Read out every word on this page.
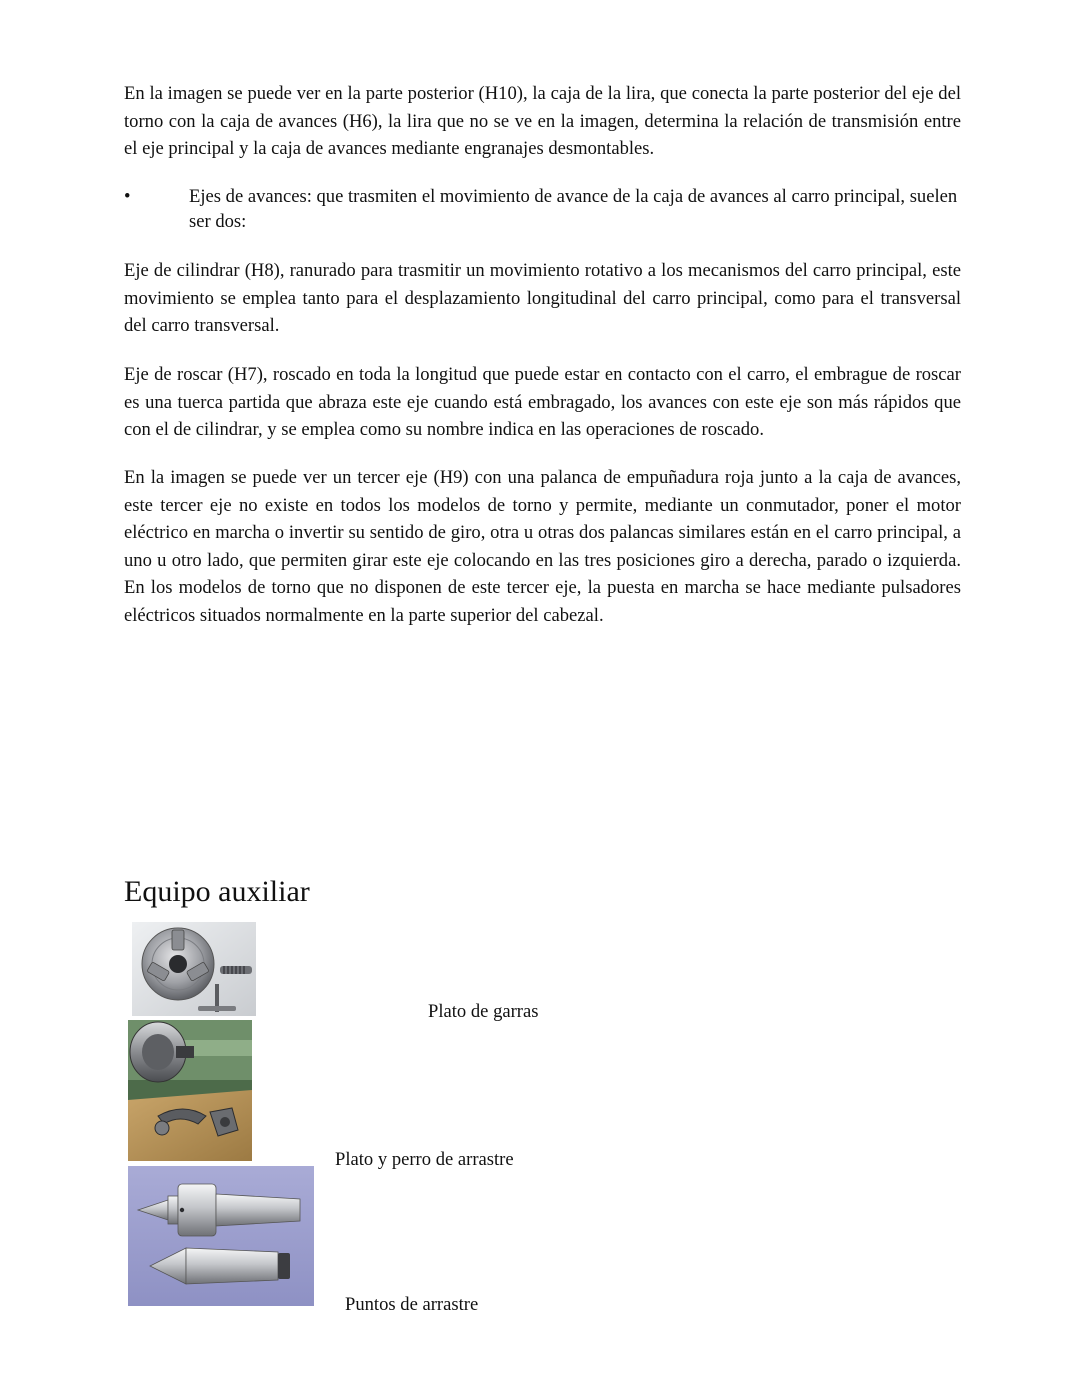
En la imagen se puede ver en la parte posterior (H10), la caja de la lira, que conecta la parte posterior del eje del torno con la caja de avances (H6), la lira que no se ve en la imagen, determina la relación de transmisión entre el eje principal y la caja de avances mediante engranajes desmontables.

•	Ejes de avances: que trasmiten el movimiento de avance de la caja de avances al carro principal, suelen ser dos:

Eje de cilindrar (H8), ranurado para trasmitir un movimiento rotativo a los mecanismos del carro principal, este movimiento se emplea tanto para el desplazamiento longitudinal del carro principal, como para el transversal del carro transversal.

Eje de roscar (H7), roscado en toda la longitud que puede estar en contacto con el carro, el embrague de roscar es una tuerca partida que abraza este eje cuando está embragado, los avances con este eje son más rápidos que con el de cilindrar, y se emplea como su nombre indica en las operaciones de roscado.

En la imagen se puede ver un tercer eje (H9) con una palanca de empuñadura roja junto a la caja de avances, este tercer eje no existe en todos los modelos de torno y permite, mediante un conmutador, poner el motor eléctrico en marcha o invertir su sentido de giro, otra u otras dos palancas similares están en el carro principal, a uno u otro lado, que permiten girar este eje colocando en las tres posiciones giro a derecha, parado o izquierda. En los modelos de torno que no disponen de este tercer eje, la puesta en marcha se hace mediante pulsadores eléctricos situados normalmente en la parte superior del cabezal.

Equipo auxiliar
Plato de garras
Plato y perro de arrastre
Puntos de arrastre
